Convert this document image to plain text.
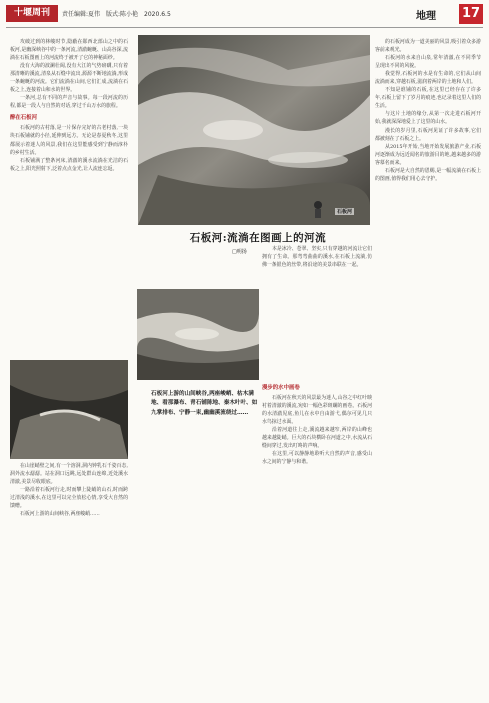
十堰周刊	责任编辑:夏伟　版式:陈小艳　2020.6.5	地理 17

攻破过到的林峻时节,隐蔽在郧西北部山之中的石板河,是幽深峡谷中的一条河流,清澈蜿蜒、山高谷深,流淌在石板图画上的河流终于被开了它的神秘面纱。

没有大海的波澜壮阔,没有大江的气势磅礴,只有着那清晰的溪流,清泉从石缝中流出,源源不断地流淌,形成一条蜿蜒的河流。它们流淌在山间,它们汇成,流淌在石板之上,连接着山和水的世界。

一条河,总有不同的声音与故事。每一段河流的历程,都是一段人与自然的对话,穿过千山万水的旅程。

醉在石板河

石板河的古村落,是一片保存完好的古老村落,一块块石板铺就的小径,延伸到远方。无论是春夏秋冬,这里都展示着迷人的风景,我们在这里能感受到宁静而淳朴的乡村生活。

石板铺满了整条河床,清澈的溪水流淌在光洁的石板之上,阳光照射下,泛着点点金光,让人流连忘返。

石板河
石板河:流淌在图画上的河流
□明扬	本是冰冷、苍翠、坚实,只有穿越的河流让它们拥有了生命。那弯弯曲曲的溪水,在石板上流淌,仿佛一条银色的丝带,将沿途的美景串联在一起。

石板河上游的山间峡谷,两座峻峭、枯木满地、看那瀑布、青石铺陈地、秦木叶叶、如九掌排布、宁静一束,幽幽溪流绕过……

在山崖峭壁之间,有一个溶洞,洞内钟乳石千姿百态,洞外流水潺潺。站在洞口远眺,远处群山连绵,近处溪水清澈,美景尽收眼底。

一路沿着石板河行走,时而攀上陡峭的山石,时而跨过清浅的溪水,在这里可以完全放松心情,享受大自然的馈赠。

石板河上游的山间峡谷,两座峻峭……

漫步的水中画卷

石板河在秋天的风景最为迷人,山谷之中红叶映衬着清澈的溪流,宛如一幅色彩斑斓的画卷。石板河的水清澈见底,鱼儿在水中自由游弋,偶尔可见几只水鸟掠过水面。

沿着河道往上走,溪流越来越窄,两岸的山峰也越来越陡峭。巨大的石块横卧在河道之中,水流从石缝间穿过,发出叮咚的声响。

在这里,可以静静地聆听大自然的声音,感受山水之间的宁静与和谐。

的石板河成为一道美丽的风景,吸引着众多游客前来观光。

石板河的水来自山泉,常年清澈,在不同季节呈现出不同的风貌。

我觉得,石板河的水是有生命的,它们从山间流淌而来,穿越石板,滋润着两岸的土地和人们。

不知是谁铺的石板,在这里已经存在了许多年,石板上留下了岁月的痕迹,也记录着这里人们的生活。

与这片土地的缘分,从第一次走进石板河开始,我就深深地爱上了这里的山水。

漫长的岁月里,石板河见证了许多故事,它们都被刻在了石板之上。

从2015年开始,当地开始发展旅游产业,石板河逐渐成为远近闻名的旅游目的地,越来越多的游客慕名而来。

石板河是大自然的恩赐,是一幅流淌在石板上的图画,值得我们用心去守护。
